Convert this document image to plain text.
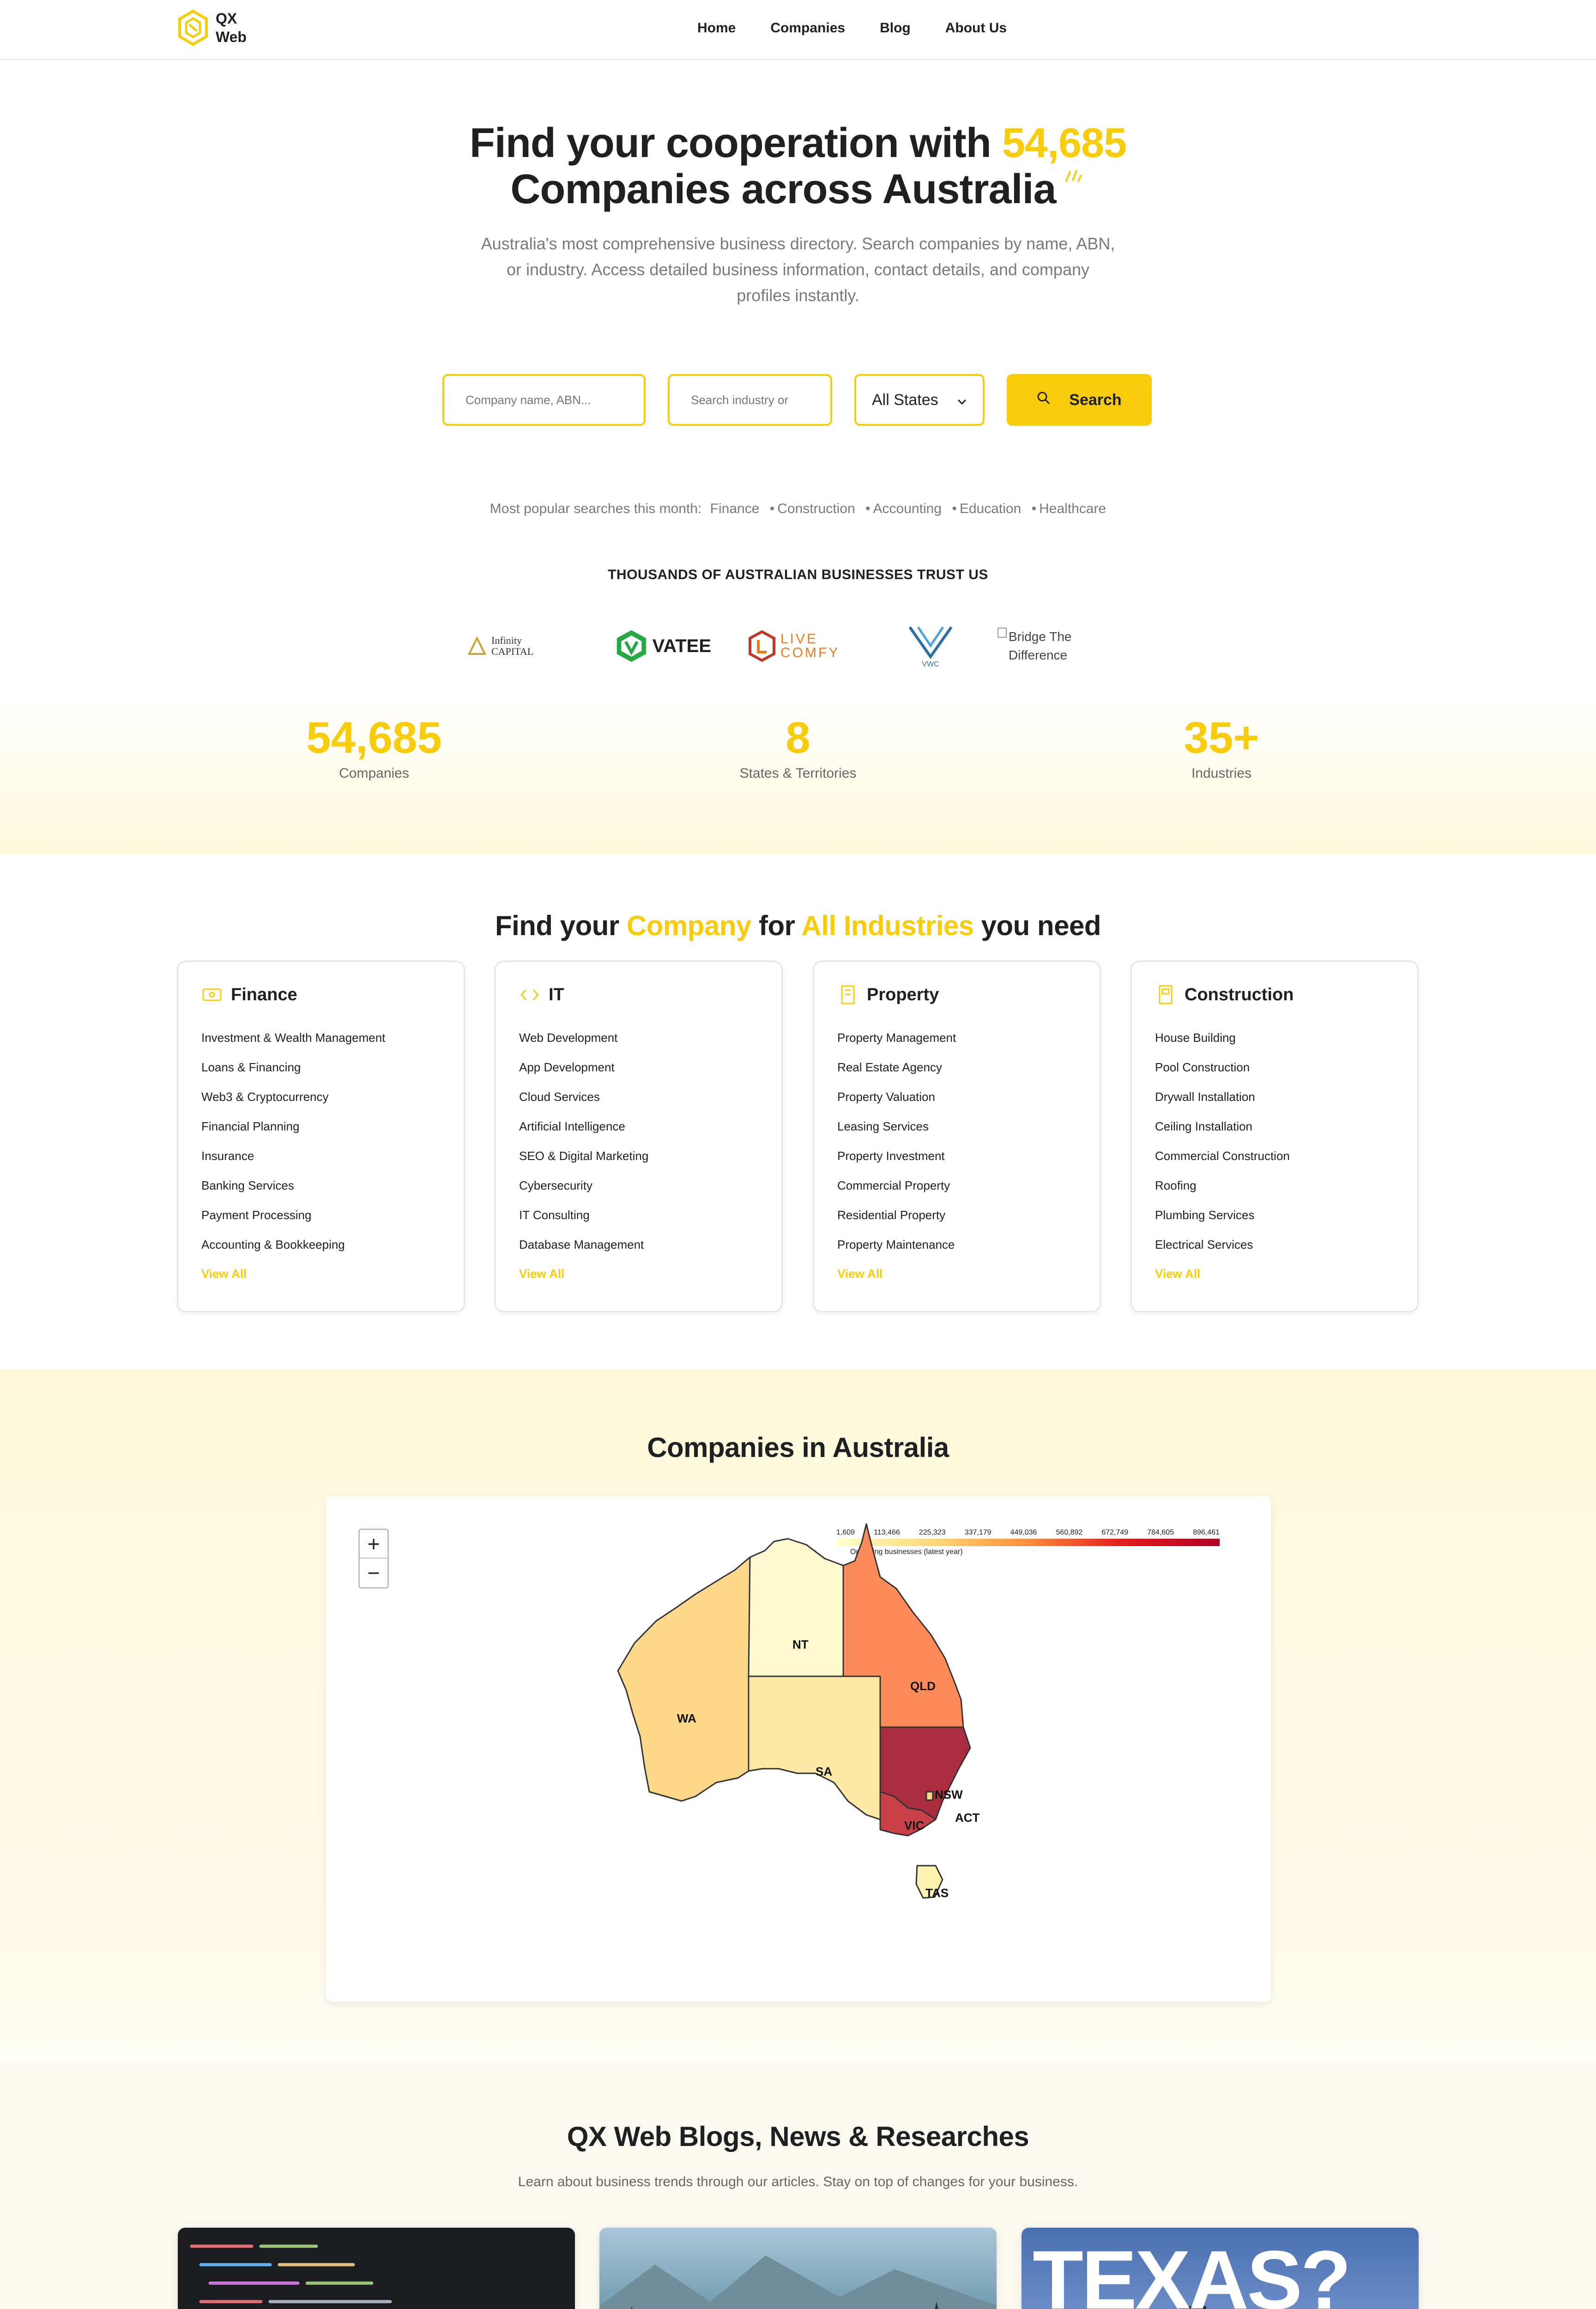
QX Web
Home	Companies	Blog	About Us
Find your cooperation with 54,685
Companies across Australia
Australia's most comprehensive business directory. Search companies by name, ABN, or industry. Access detailed business information, contact details, and company profiles instantly.
Company name, ABN...	Search industry or	All States	Search
Most popular searches this month: Finance • Construction • Accounting • Education • Healthcare
THOUSANDS OF AUSTRALIAN BUSINESSES TRUST US
Infinity CAPITAL	VATEE	LIVE COMFY
VWC
Bridge The Difference
54,685
Companies
8
States & Territories
35+
Industries
Find your Company for All Industries you need
Finance
Investment & Wealth Management
Loans & Financing
Web3 & Cryptocurrency
Financial Planning
Insurance
Banking Services
Payment Processing
Accounting & Bookkeeping
View All
IT
Web Development
App Development
Cloud Services
Artificial Intelligence
SEO & Digital Marketing
Cybersecurity
IT Consulting
Database Management
View All
Property
Property Management
Real Estate Agency
Property Valuation
Leasing Services
Property Investment
Commercial Property
Residential Property
Property Maintenance
View All
Construction
House Building
Pool Construction
Drywall Installation
Ceiling Installation
Commercial Construction
Roofing
Plumbing Services
Electrical Services
View All
Companies in Australia
+
−
1,609	113,466	225,323	337,179	449,036	560,892	672,749	784,605	896,461
Operating businesses (latest year)
WA
NT
SA
QLD
NSW
ACT
VIC
TAS
QX Web Blogs, News & Researches
Learn about business trends through our articles. Stay on top of changes for your business.
TEXAS?
